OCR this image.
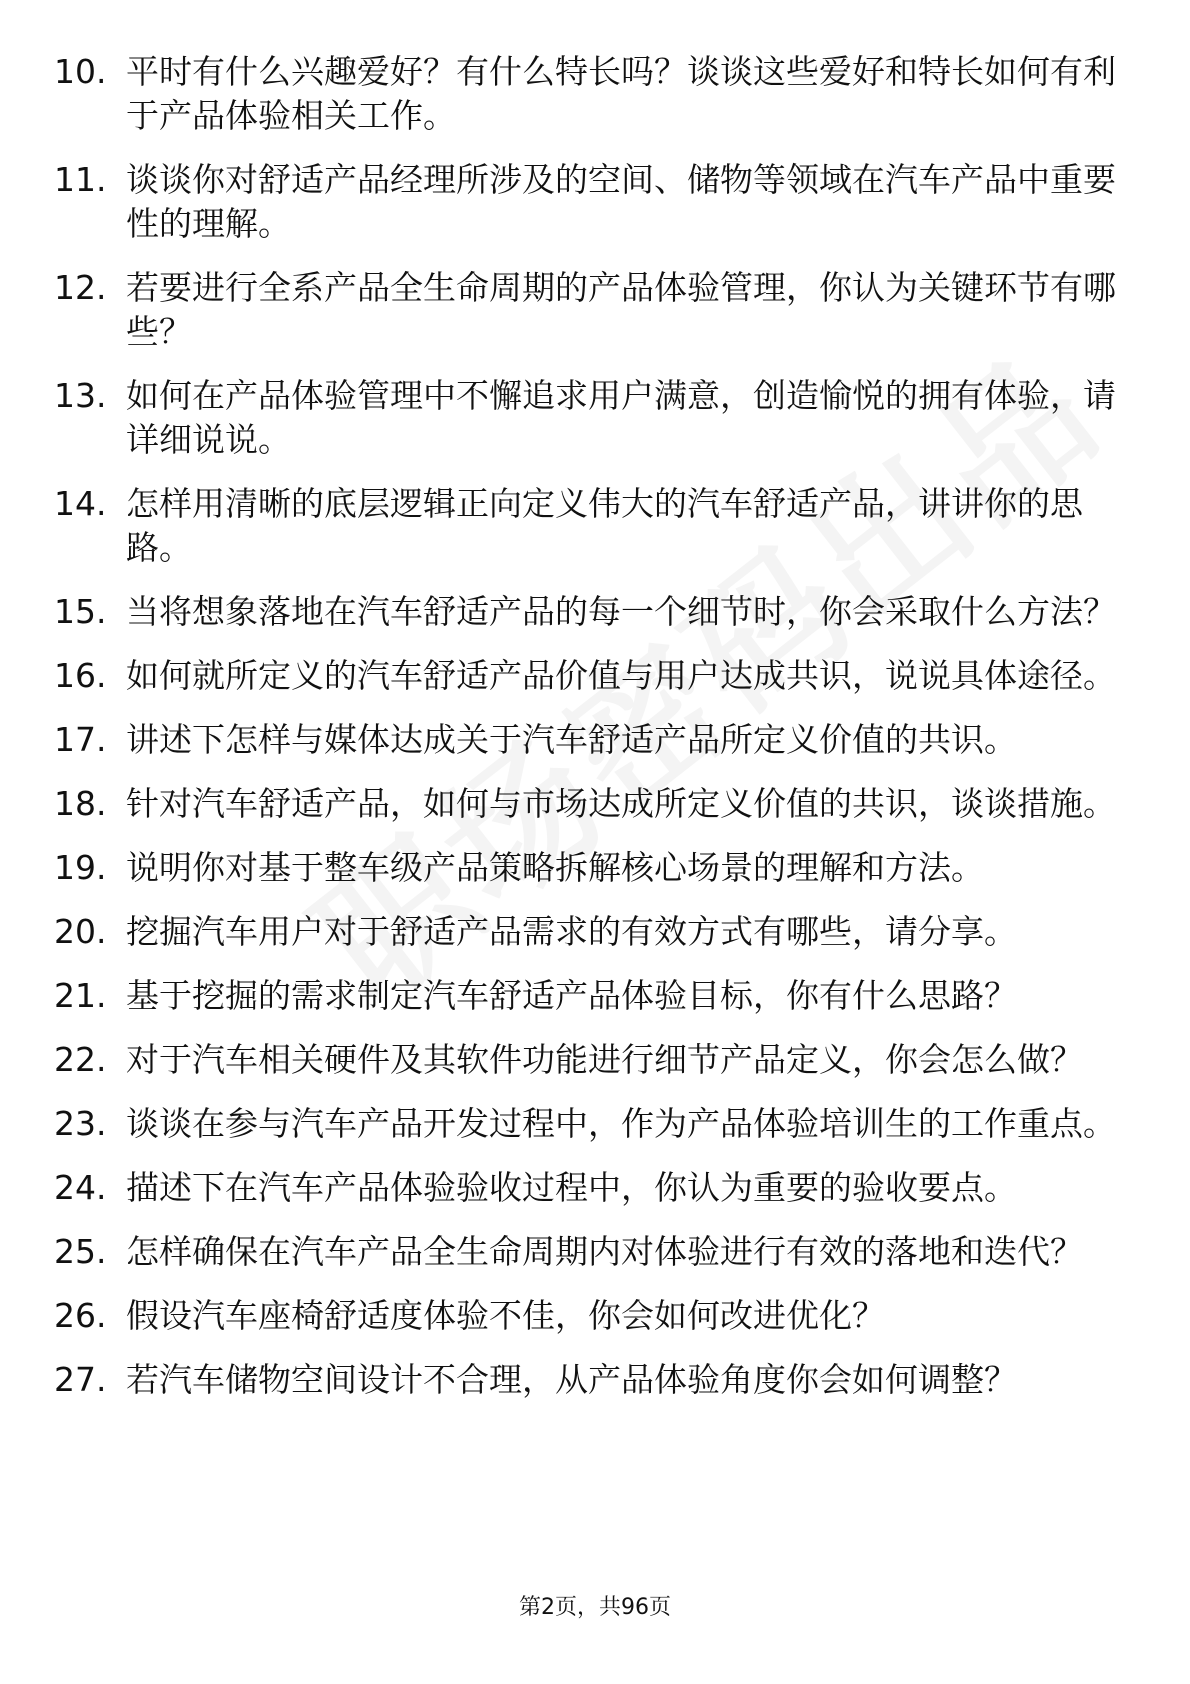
10. 平时有什么兴趣爱好？有什么特长吗？谈谈这些爱好和特长如何有利于产品体验相关工作。
11. 谈谈你对舒适产品经理所涉及的空间、储物等领域在汽车产品中重要性的理解。
12. 若要进行全系产品全生命周期的产品体验管理，你认为关键环节有哪些？
13. 如何在产品体验管理中不懈追求用户满意，创造愉悦的拥有体验，请详细说说。
14. 怎样用清晰的底层逻辑正向定义伟大的汽车舒适产品，讲讲你的思路。
15. 当将想象落地在汽车舒适产品的每一个细节时，你会采取什么方法？
16. 如何就所定义的汽车舒适产品价值与用户达成共识，说说具体途径。
17. 讲述下怎样与媒体达成关于汽车舒适产品所定义价值的共识。
18. 针对汽车舒适产品，如何与市场达成所定义价值的共识，谈谈措施。
19. 说明你对基于整车级产品策略拆解核心场景的理解和方法。
20. 挖掘汽车用户对于舒适产品需求的有效方式有哪些，请分享。
21. 基于挖掘的需求制定汽车舒适产品体验目标，你有什么思路？
22. 对于汽车相关硬件及其软件功能进行细节产品定义，你会怎么做？
23. 谈谈在参与汽车产品开发过程中，作为产品体验培训生的工作重点。
24. 描述下在汽车产品体验验收过程中，你认为重要的验收要点。
25. 怎样确保在汽车产品全生命周期内对体验进行有效的落地和迭代？
26. 假设汽车座椅舒适度体验不佳，你会如何改进优化？
27. 若汽车储物空间设计不合理，从产品体验角度你会如何调整？
第2页，共96页
